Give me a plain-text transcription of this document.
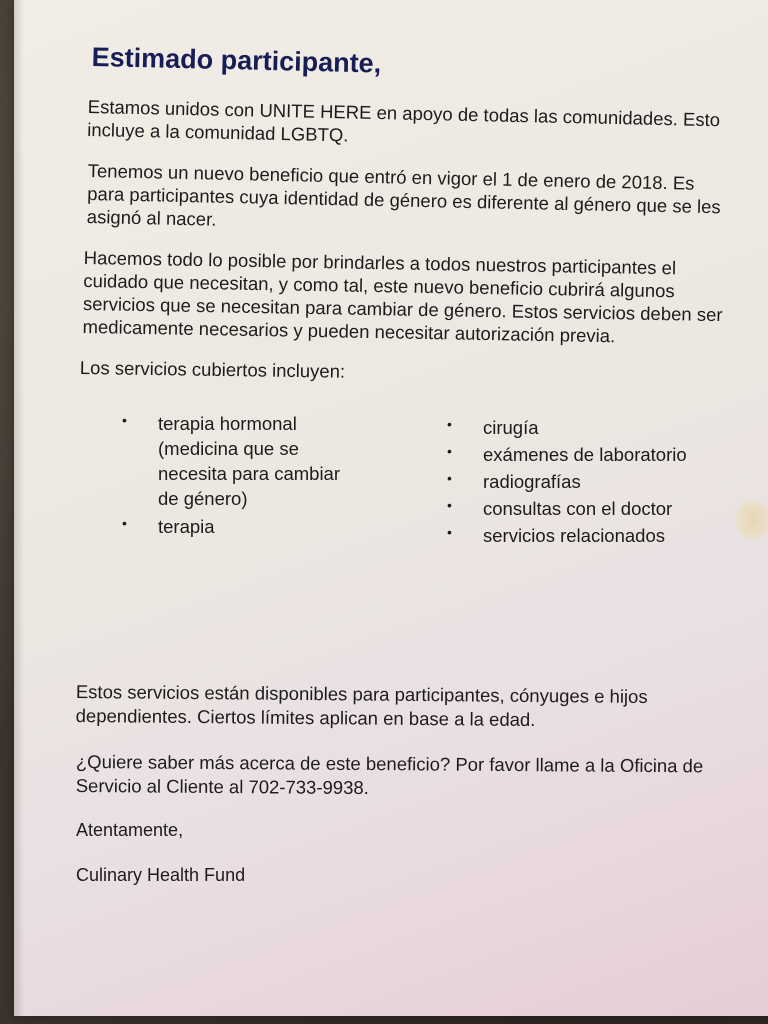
Estimado participante,

Estamos unidos con UNITE HERE en apoyo de todas las comunidades. Esto incluye a la comunidad LGBTQ.

Tenemos un nuevo beneficio que entró en vigor el 1 de enero de 2018. Es para participantes cuya identidad de género es diferente al género que se les asignó al nacer.

Hacemos todo lo posible por brindarles a todos nuestros participantes el cuidado que necesitan, y como tal, este nuevo beneficio cubrirá algunos servicios que se necesitan para cambiar de género. Estos servicios deben ser medicamente necesarios y pueden necesitar autorización previa.

Los servicios cubiertos incluyen:

• terapia hormonal (medicina que se necesita para cambiar de género)
• terapia
• cirugía
• exámenes de laboratorio
• radiografías
• consultas con el doctor
• servicios relacionados

Estos servicios están disponibles para participantes, cónyuges e hijos dependientes. Ciertos límites aplican en base a la edad.

¿Quiere saber más acerca de este beneficio? Por favor llame a la Oficina de Servicio al Cliente al 702-733-9938.

Atentamente,

Culinary Health Fund
